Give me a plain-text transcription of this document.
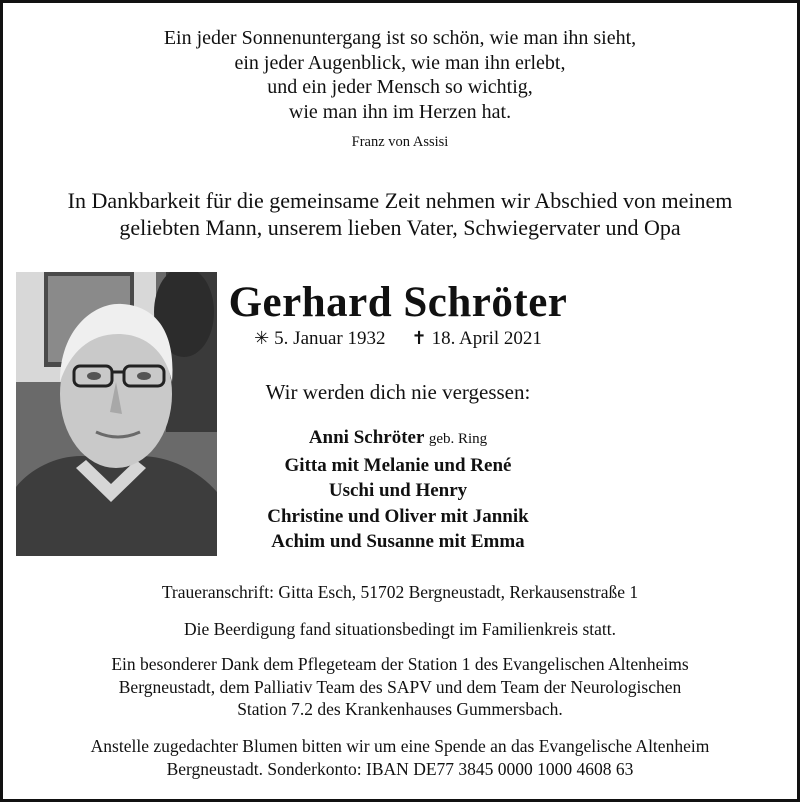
Ein jeder Sonnenuntergang ist so schön, wie man ihn sieht,
ein jeder Augenblick, wie man ihn erlebt,
und ein jeder Mensch so wichtig,
wie man ihn im Herzen hat.
Franz von Assisi
In Dankbarkeit für die gemeinsame Zeit nehmen wir Abschied von meinem
geliebten Mann, unserem lieben Vater, Schwiegervater und Opa
Gerhard Schröter
✳ 5. Januar 1932 ✝ 18. April 2021
Wir werden dich nie vergessen:
Anni Schröter geb. Ring
Gitta mit Melanie und René
Uschi und Henry
Christine und Oliver mit Jannik
Achim und Susanne mit Emma
Traueranschrift: Gitta Esch, 51702 Bergneustadt, Rerkausenstraße 1
Die Beerdigung fand situationsbedingt im Familienkreis statt.
Ein besonderer Dank dem Pflegeteam der Station 1 des Evangelischen Altenheims
Bergneustadt, dem Palliativ Team des SAPV und dem Team der Neurologischen
Station 7.2 des Krankenhauses Gummersbach.
Anstelle zugedachter Blumen bitten wir um eine Spende an das Evangelische Altenheim
Bergneustadt. Sonderkonto: IBAN DE77 3845 0000 1000 4608 63
